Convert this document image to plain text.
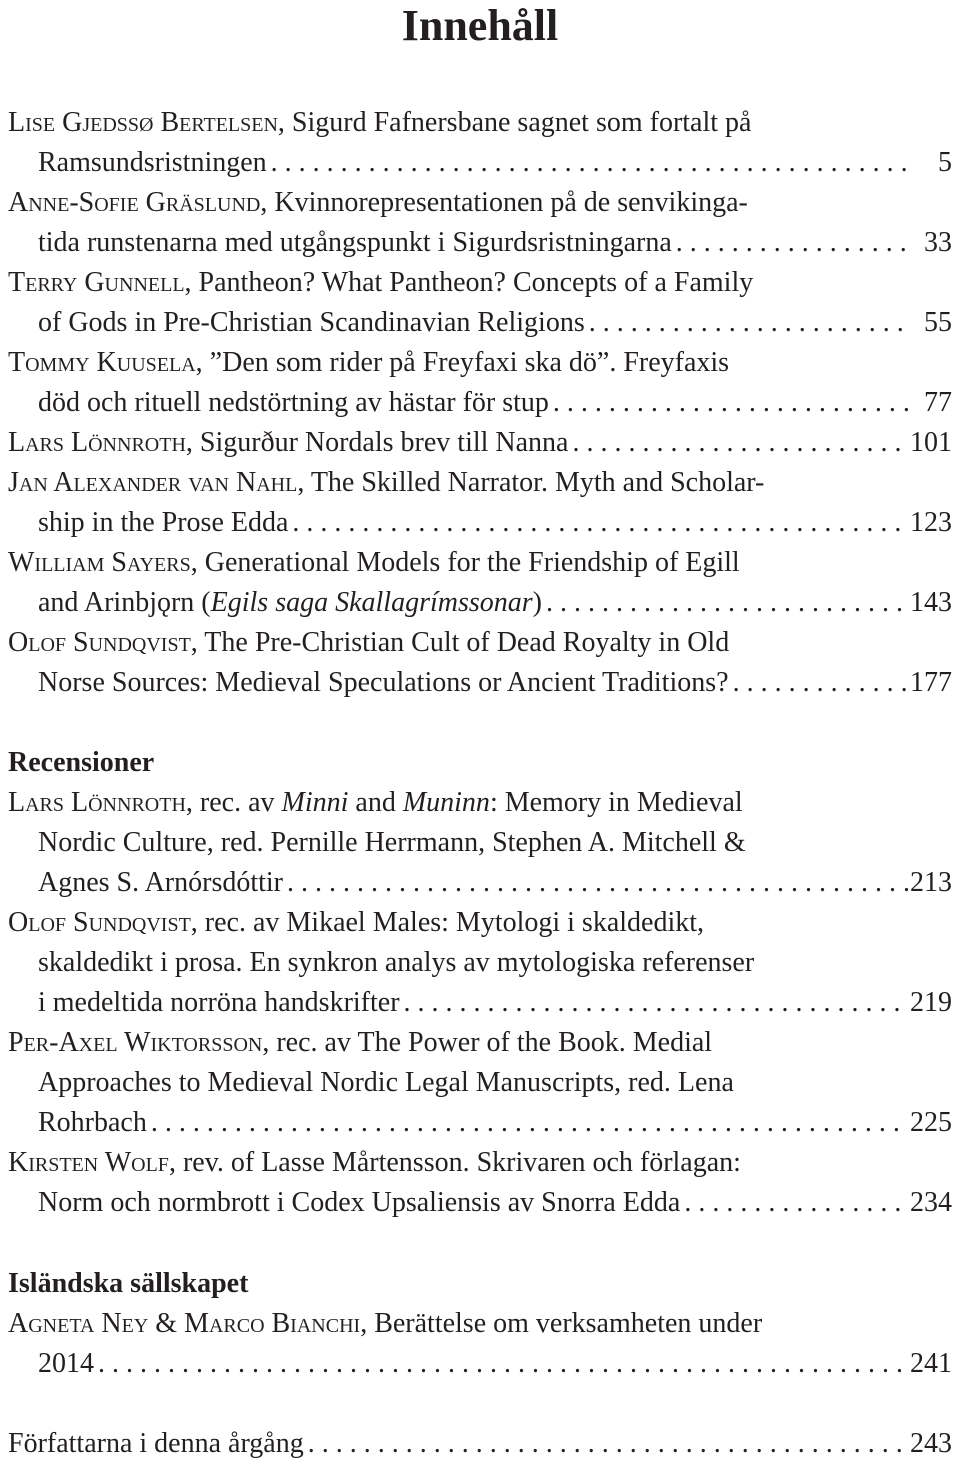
Innehåll
Lise Gjedssø Bertelsen, Sigurd Fafnersbane sagnet som fortalt på
Ramsundsristningen . . .	5
Anne-Sofie Gräslund, Kvinnorepresentationen på de senvikinga-
tida runstenarna med utgångspunkt i Sigurdsristningarna . . .	33
Terry Gunnell, Pantheon? What Pantheon? Concepts of a Family
of Gods in Pre-Christian Scandinavian Religions . . .	55
Tommy Kuusela, ”Den som rider på Freyfaxi ska dö”. Freyfaxis
död och rituell nedstörtning av hästar för stup . . .	77
Lars Lönnroth, Sigurður Nordals brev till Nanna . . .	101
Jan Alexander van Nahl, The Skilled Narrator. Myth and Scholar-
ship in the Prose Edda . . .	123
William Sayers, Generational Models for the Friendship of Egill
and Arinbjǫrn (Egils saga Skallagrímssonar) . . .	143
Olof Sundqvist, The Pre-Christian Cult of Dead Royalty in Old
Norse Sources: Medieval Speculations or Ancient Traditions? . . .	177
Recensioner
Lars Lönnroth, rec. av Minni and Muninn: Memory in Medieval
Nordic Culture, red. Pernille Herrmann, Stephen A. Mitchell &
Agnes S. Arnórsdóttir . . .	213
Olof Sundqvist, rec. av Mikael Males: Mytologi i skaldedikt,
skaldedikt i prosa. En synkron analys av mytologiska referenser
i medeltida norröna handskrifter . . .	219
Per-Axel Wiktorsson, rec. av The Power of the Book. Medial
Approaches to Medieval Nordic Legal Manuscripts, red. Lena
Rohrbach . . .	225
Kirsten Wolf, rev. of Lasse Mårtensson. Skrivaren och förlagan:
Norm och normbrott i Codex Upsaliensis av Snorra Edda . . .	234
Isländska sällskapet
Agneta Ney & Marco Bianchi, Berättelse om verksamheten under
2014 . . .	241
Författarna i denna årgång . . .	243
